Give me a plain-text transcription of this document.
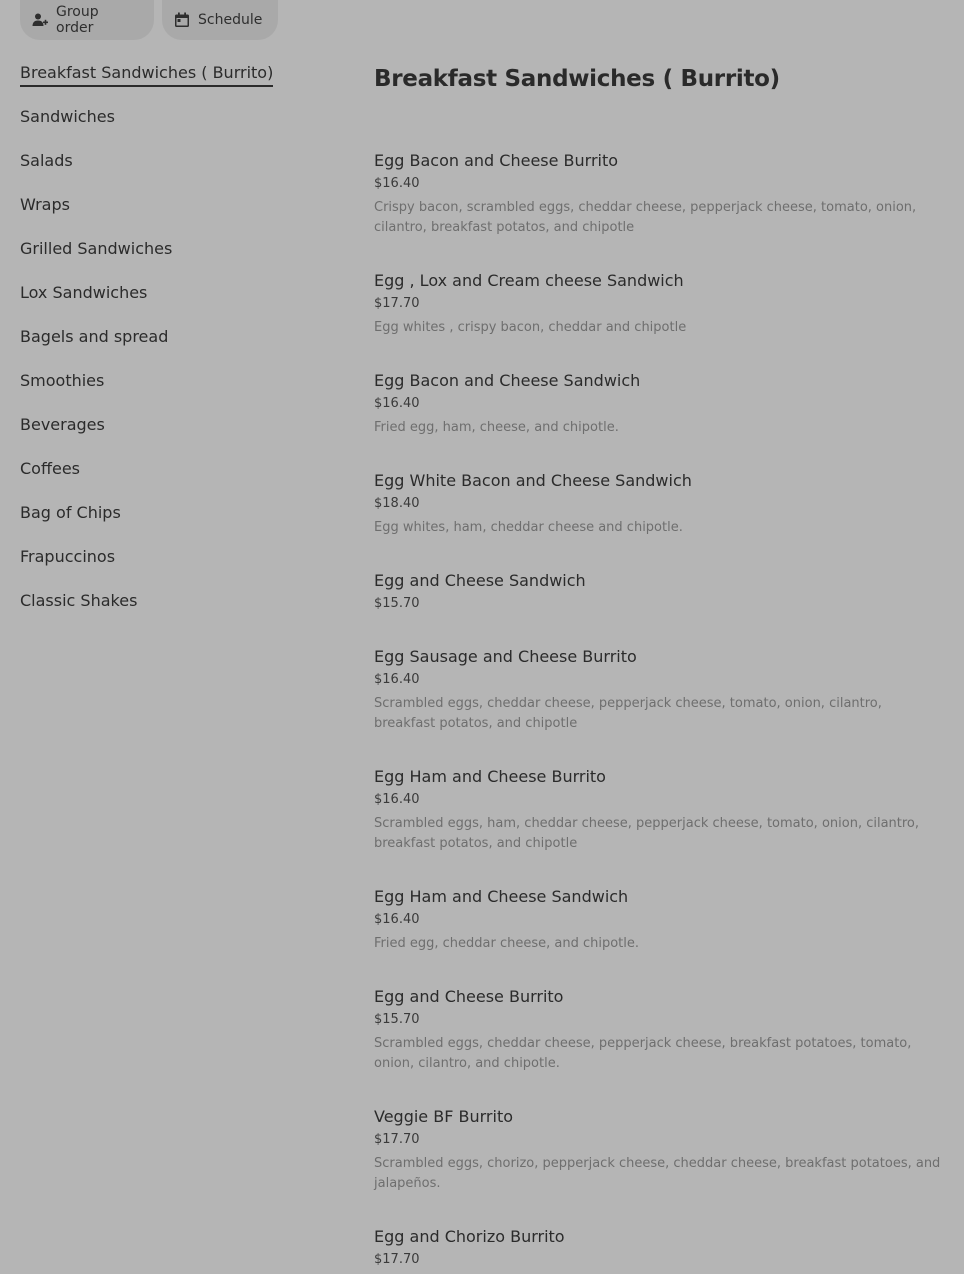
Group order	Schedule
Breakfast Sandwiches ( Burrito)
Sandwiches
Salads
Wraps
Grilled Sandwiches
Lox Sandwiches
Bagels and spread
Smoothies
Beverages
Coffees
Bag of Chips
Frapuccinos
Classic Shakes
Breakfast Sandwiches ( Burrito)
Egg Bacon and Cheese Burrito
$16.40
Crispy bacon, scrambled eggs, cheddar cheese, pepperjack cheese, tomato, onion, cilantro, breakfast potatos, and chipotle
Egg , Lox and Cream cheese Sandwich
$17.70
Egg whites , crispy bacon, cheddar and chipotle
Egg Bacon and Cheese Sandwich
$16.40
Fried egg, ham, cheese, and chipotle.
Egg White Bacon and Cheese Sandwich
$18.40
Egg whites, ham, cheddar cheese and chipotle.
Egg and Cheese Sandwich
$15.70
Egg Sausage and Cheese Burrito
$16.40
Scrambled eggs, cheddar cheese, pepperjack cheese, tomato, onion, cilantro, breakfast potatos, and chipotle
Egg Ham and Cheese Burrito
$16.40
Scrambled eggs, ham, cheddar cheese, pepperjack cheese, tomato, onion, cilantro, breakfast potatos, and chipotle
Egg Ham and Cheese Sandwich
$16.40
Fried egg, cheddar cheese, and chipotle.
Egg and Cheese Burrito
$15.70
Scrambled eggs, cheddar cheese, pepperjack cheese, breakfast potatoes, tomato, onion, cilantro, and chipotle.
Veggie BF Burrito
$17.70
Scrambled eggs, chorizo, pepperjack cheese, cheddar cheese, breakfast potatoes, and jalapeños.
Egg and Chorizo Burrito
$17.70
